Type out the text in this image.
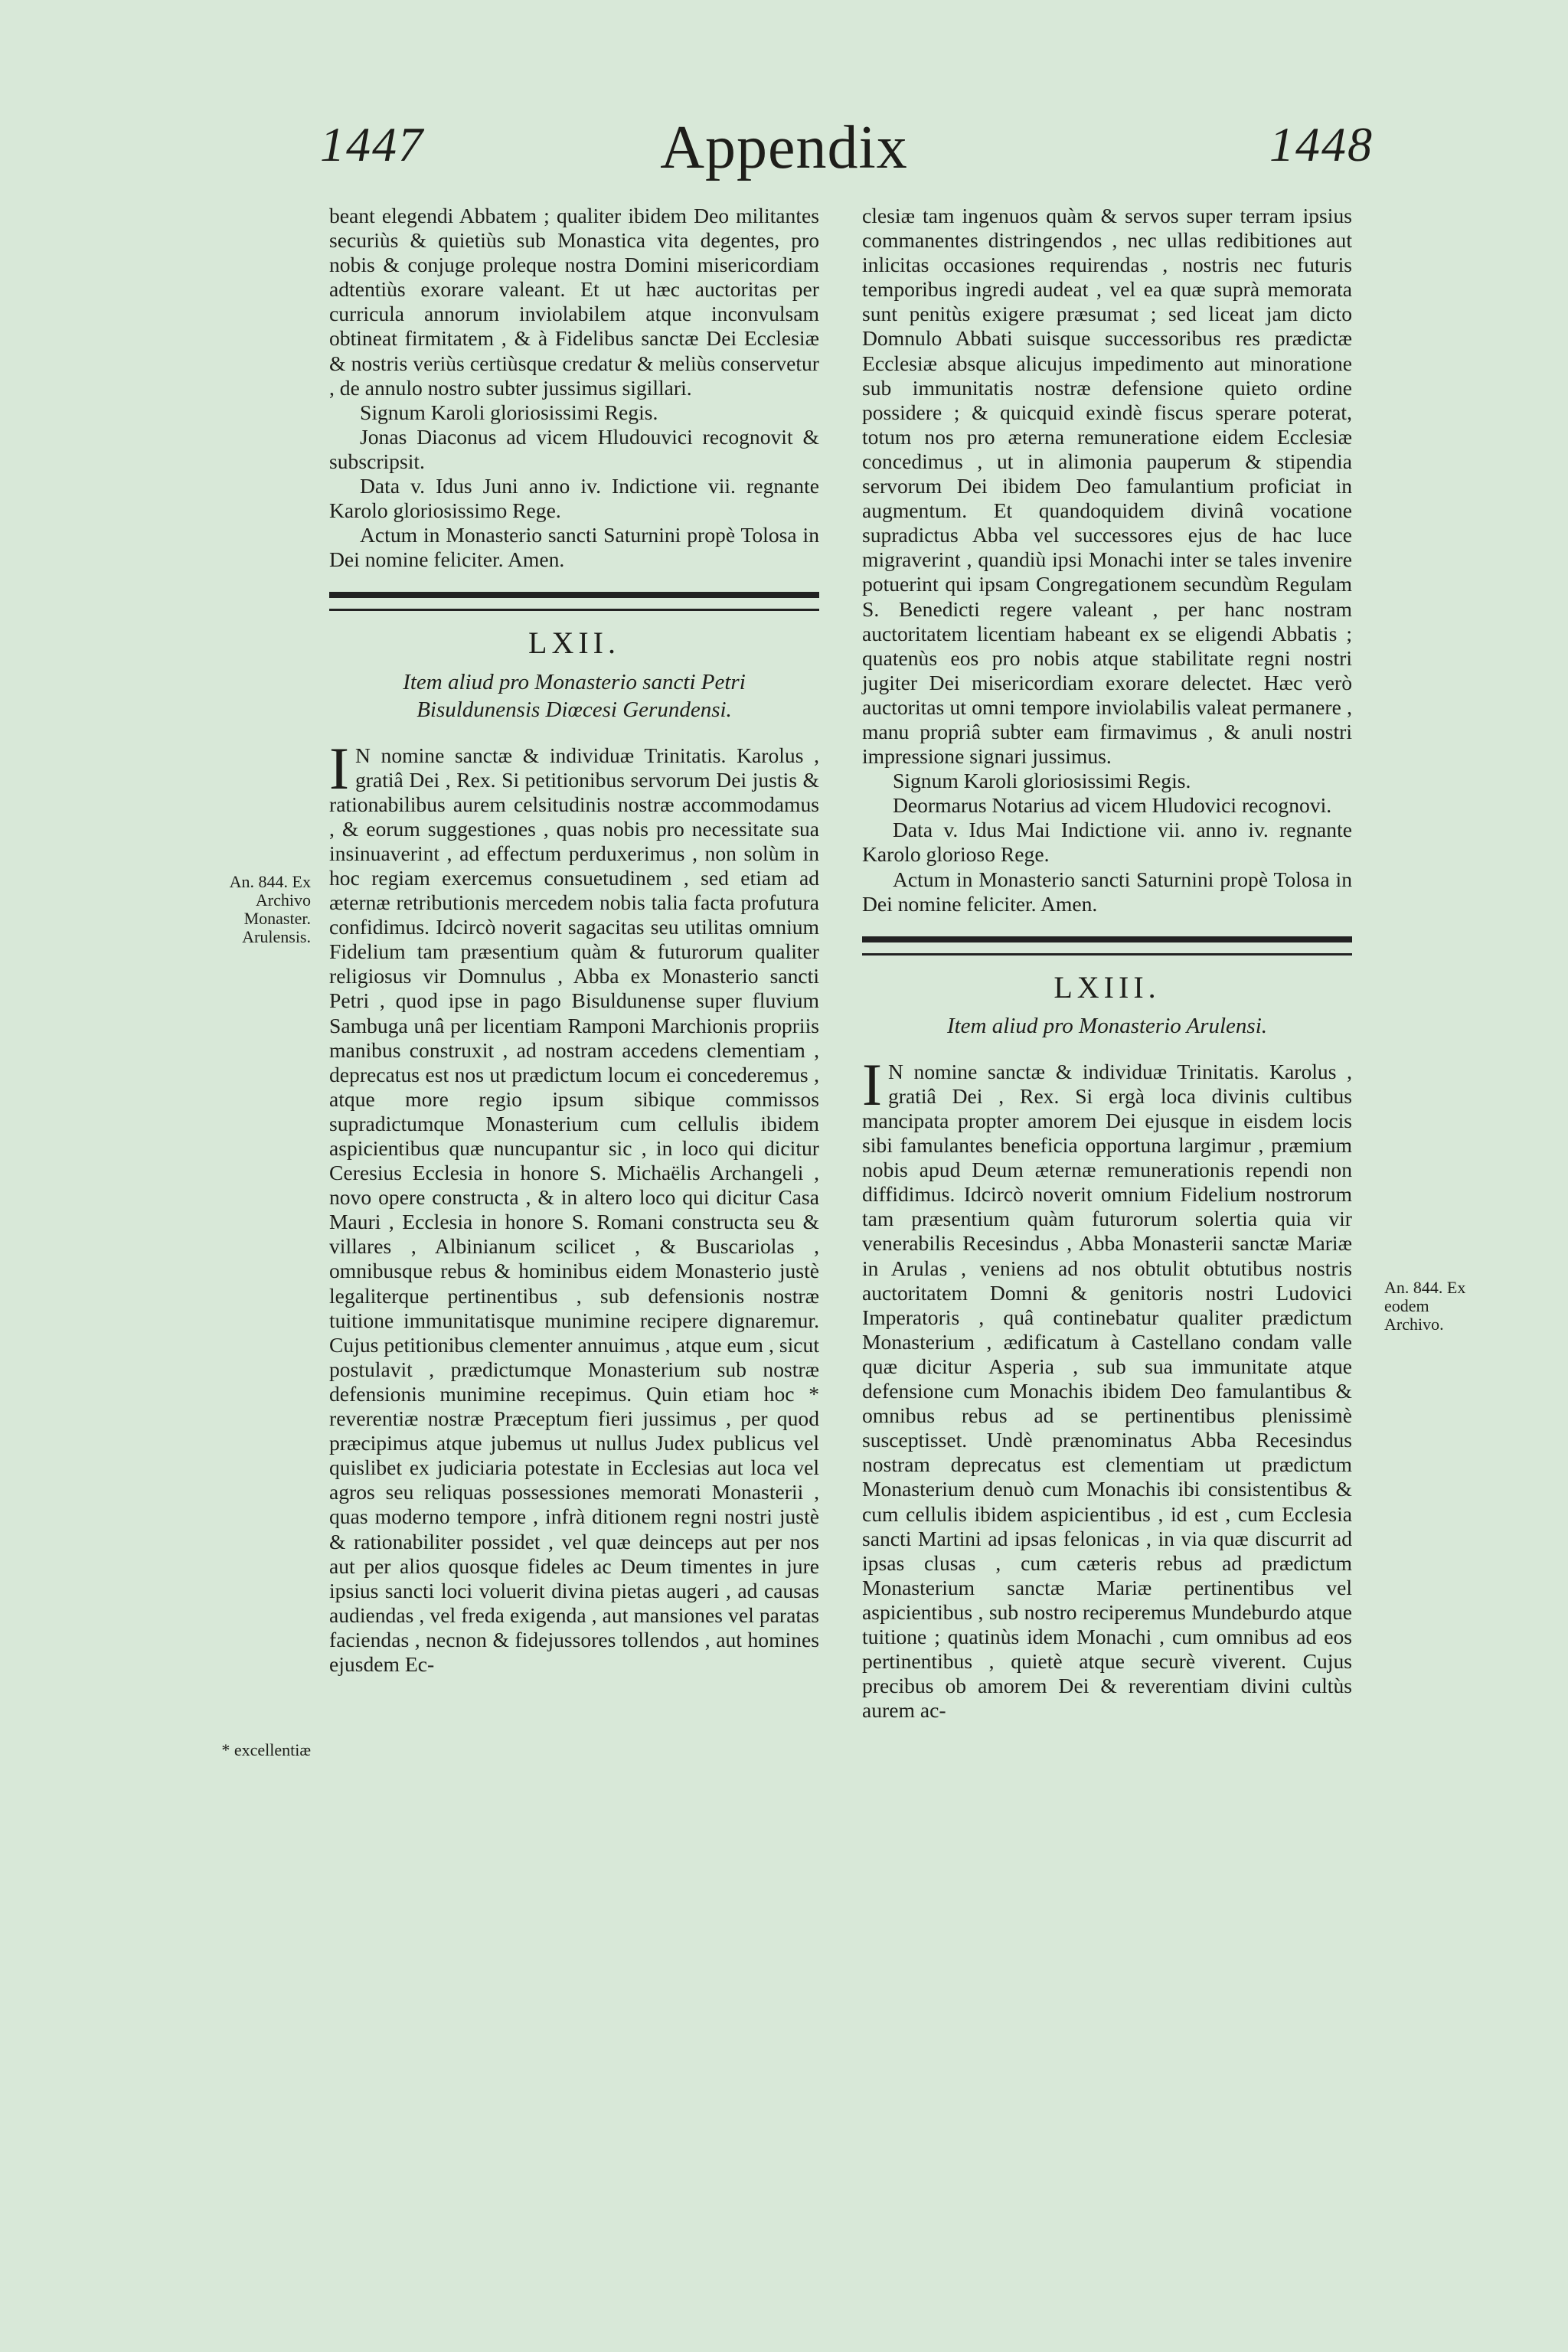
1447	Appendix	1448

beant elegendi Abbatem ; qualiter ibidem Deo militantes securiùs & quietiùs sub Monastica vita degentes, pro nobis & conjuge proleque nostra Domini misericordiam adtentiùs exorare valeant. Et ut hæc auctoritas per curricula annorum inviolabilem atque inconvulsam obtineat firmitatem , & à Fidelibus sanctæ Dei Ecclesiæ & nostris veriùs certiùsque credatur & meliùs conservetur , de annulo nostro subter jussimus sigillari.

Signum Karoli gloriosissimi Regis.

Jonas Diaconus ad vicem Hludouvici recognovit & subscripsit.

Data v. Idus Juni anno iv. Indictione vii. regnante Karolo gloriosissimo Rege.

Actum in Monasterio sancti Saturnini propè Tolosa in Dei nomine feliciter. Amen.

LXII.
Item aliud pro Monasterio sancti Petri Bisuldunensis Diœcesi Gerundensi.

I N nomine sanctæ & individuæ Trinitatis. Karolus , gratiâ Dei , Rex. Si petitionibus servorum Dei justis & rationabilibus aurem celsitudinis nostræ accommodamus , & eorum suggestiones , quas nobis pro necessitate sua insinuaverint , ad effectum perduxerimus , non solùm in hoc regiam exercemus consuetudinem , sed etiam ad æternæ retributionis mercedem nobis talia facta profutura confidimus. Idcircò noverit sagacitas seu utilitas omnium Fidelium tam præsentium quàm & futurorum qualiter religiosus vir Domnulus , Abba ex Monasterio sancti Petri , quod ipse in pago Bisuldunense super fluvium Sambuga unâ per licentiam Ramponi Marchionis propriis manibus construxit , ad nostram accedens clementiam , deprecatus est nos ut prædictum locum ei concederemus , atque more regio ipsum sibique commissos supradictumque Monasterium cum cellulis ibidem aspicientibus quæ nuncupantur sic , in loco qui dicitur Ceresius Ecclesia in honore S. Michaëlis Archangeli , novo opere constructa , & in altero loco qui dicitur Casa Mauri , Ecclesia in honore S. Romani constructa seu & villares , Albinianum scilicet , & Buscariolas , omnibusque rebus & hominibus eidem Monasterio justè legaliterque pertinentibus , sub defensionis nostræ tuitione immunitatisque munimine recipere dignaremur. Cujus petitionibus clementer annuimus , atque eum , sicut postulavit , prædictumque Monasterium sub nostræ defensionis munimine recepimus. Quin etiam hoc * reverentiæ nostræ Præceptum fieri jussimus , per quod præcipimus atque jubemus ut nullus Judex publicus vel quislibet ex judiciaria potestate in Ecclesias aut loca vel agros seu reliquas possessiones memorati Monasterii , quas moderno tempore , infrà ditionem regni nostri justè & rationabiliter possidet , vel quæ deinceps aut per nos aut per alios quosque fideles ac Deum timentes in jure ipsius sancti loci voluerit divina pietas augeri , ad causas audiendas , vel freda exigenda , aut mansiones vel paratas faciendas , necnon & fidejussores tollendos , aut homines ejusdem Ec-

clesiæ tam ingenuos quàm & servos super terram ipsius commanentes distringendos , nec ullas redibitiones aut inlicitas occasiones requirendas , nostris nec futuris temporibus ingredi audeat , vel ea quæ suprà memorata sunt penitùs exigere præsumat ; sed liceat jam dicto Domnulo Abbati suisque successoribus res prædictæ Ecclesiæ absque alicujus impedimento aut minoratione sub immunitatis nostræ defensione quieto ordine possidere ; & quicquid exindè fiscus sperare poterat, totum nos pro æterna remuneratione eidem Ecclesiæ concedimus , ut in alimonia pauperum & stipendia servorum Dei ibidem Deo famulantium proficiat in augmentum. Et quandoquidem divinâ vocatione supradictus Abba vel successores ejus de hac luce migraverint , quandiù ipsi Monachi inter se tales invenire potuerint qui ipsam Congregationem secundùm Regulam S. Benedicti regere valeant , per hanc nostram auctoritatem licentiam habeant ex se eligendi Abbatis ; quatenùs eos pro nobis atque stabilitate regni nostri jugiter Dei misericordiam exorare delectet. Hæc verò auctoritas ut omni tempore inviolabilis valeat permanere , manu propriâ subter eam firmavimus , & anuli nostri impressione signari jussimus.

Signum Karoli gloriosissimi Regis.

Deormarus Notarius ad vicem Hludovici recognovi.

Data v. Idus Mai Indictione vii. anno iv. regnante Karolo glorioso Rege.

Actum in Monasterio sancti Saturnini propè Tolosa in Dei nomine feliciter. Amen.

LXIII.
Item aliud pro Monasterio Arulensi.

I N nomine sanctæ & individuæ Trinitatis. Karolus , gratiâ Dei , Rex. Si ergà loca divinis cultibus mancipata propter amorem Dei ejusque in eisdem locis sibi famulantes beneficia opportuna largimur , præmium nobis apud Deum æternæ remunerationis rependi non diffidimus. Idcircò noverit omnium Fidelium nostrorum tam præsentium quàm futurorum solertia quia vir venerabilis Recesindus , Abba Monasterii sanctæ Mariæ in Arulas , veniens ad nos obtulit obtutibus nostris auctoritatem Domni & genitoris nostri Ludovici Imperatoris , quâ continebatur qualiter prædictum Monasterium , ædificatum à Castellano condam valle quæ dicitur Asperia , sub sua immunitate atque defensione cum Monachis ibidem Deo famulantibus & omnibus rebus ad se pertinentibus plenissimè susceptisset. Undè prænominatus Abba Recesindus nostram deprecatus est clementiam ut prædictum Monasterium denuò cum Monachis ibi consistentibus & cum cellulis ibidem aspicientibus , id est , cum Ecclesia sancti Martini ad ipsas felonicas , in via quæ discurrit ad ipsas clusas , cum cæteris rebus ad prædictum Monasterium sanctæ Mariæ pertinentibus vel aspicientibus , sub nostro reciperemus Mundeburdo atque tuitione ; quatinùs idem Monachi , cum omnibus ad eos pertinentibus , quietè atque securè viverent. Cujus precibus ob amorem Dei & reverentiam divini cultùs aurem ac-

An. 844. Ex Archivo Monaster. Arulensis.
* excellentiæ
An. 844. Ex eodem Archivo.
